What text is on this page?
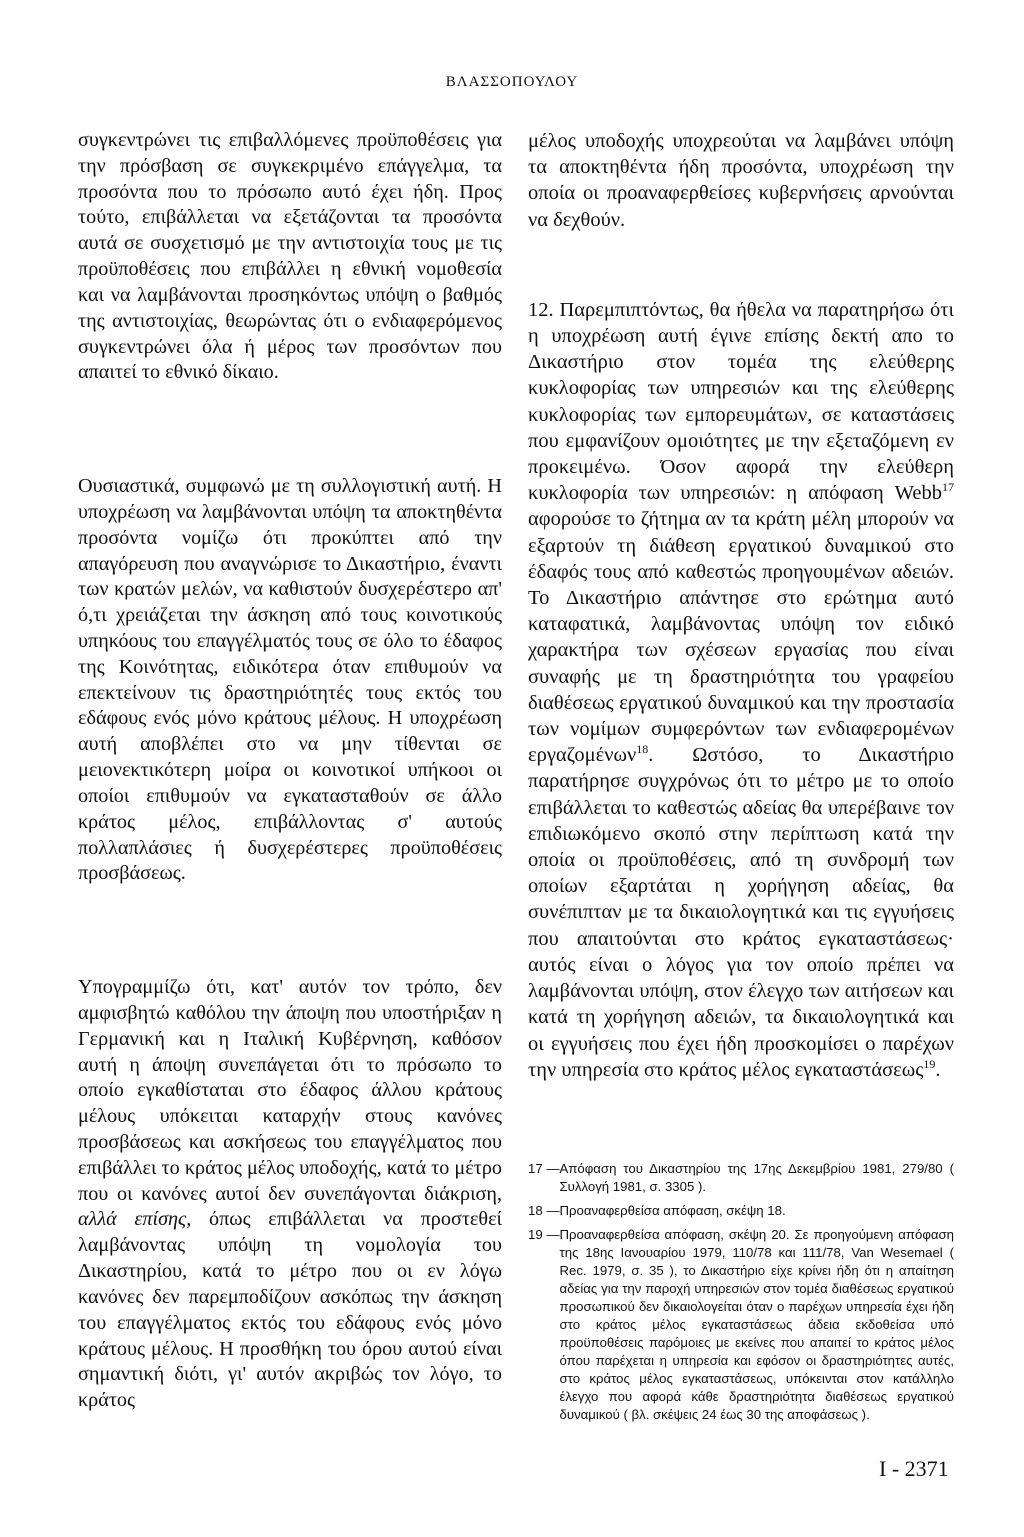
ΒΛΑΣΣΟΠΟΥΛΟΥ

συγκεντρώνει τις επιβαλλόμενες προϋποθέσεις για την πρόσβαση σε συγκεκριμένο επάγγελμα, τα προσόντα που το πρόσωπο αυτό έχει ήδη. Προς τούτο, επιβάλλεται να εξετάζονται τα προσόντα αυτά σε συσχετισμό με την αντιστοιχία τους με τις προϋποθέσεις που επιβάλλει η εθνική νομοθεσία και να λαμβάνονται προσηκόντως υπόψη ο βαθμός της αντιστοιχίας, θεωρώντας ότι ο ενδιαφερόμενος συγκεντρώνει όλα ή μέρος των προσόντων που απαιτεί το εθνικό δίκαιο.

Ουσιαστικά, συμφωνώ με τη συλλογιστική αυτή. Η υποχρέωση να λαμβάνονται υπόψη τα αποκτηθέντα προσόντα νομίζω ότι προκύπτει από την απαγόρευση που αναγνώρισε το Δικαστήριο, έναντι των κρατών μελών, να καθιστούν δυσχερέστερο απ' ό,τι χρειάζεται την άσκηση από τους κοινοτικούς υπηκόους του επαγγέλματός τους σε όλο το έδαφος της Κοινότητας, ειδικότερα όταν επιθυμούν να επεκτείνουν τις δραστηριότητές τους εκτός του εδάφους ενός μόνο κράτους μέλους. Η υποχρέωση αυτή αποβλέπει στο να μην τίθενται σε μειονεκτικότερη μοίρα οι κοινοτικοί υπήκοοι οι οποίοι επιθυμούν να εγκατασταθούν σε άλλο κράτος μέλος, επιβάλλοντας σ' αυτούς πολλαπλάσιες ή δυσχερέστερες προϋποθέσεις προσβάσεως.

Υπογραμμίζω ότι, κατ' αυτόν τον τρόπο, δεν αμφισβητώ καθόλου την άποψη που υποστήριξαν η Γερμανική και η Ιταλική Κυβέρνηση, καθόσον αυτή η άποψη συνεπάγεται ότι το πρόσωπο το οποίο εγκαθίσταται στο έδαφος άλλου κράτους μέλους υπόκειται καταρχήν στους κανόνες προσβάσεως και ασκήσεως του επαγγέλματος που επιβάλλει το κράτος μέλος υποδοχής, κατά το μέτρο που οι κανόνες αυτοί δεν συνεπάγονται διάκριση, αλλά επίσης, όπως επιβάλλεται να προστεθεί λαμβάνοντας υπόψη τη νομολογία του Δικαστηρίου, κατά το μέτρο που οι εν λόγω κανόνες δεν παρεμποδίζουν ασκόπως την άσκηση του επαγγέλματος εκτός του εδάφους ενός μόνο κράτους μέλους. Η προσθήκη του όρου αυτού είναι σημαντική διότι, γι' αυτόν ακριβώς τον λόγο, το κράτος

μέλος υποδοχής υποχρεούται να λαμβάνει υπόψη τα αποκτηθέντα ήδη προσόντα, υποχρέωση την οποία οι προαναφερθείσες κυβερνήσεις αρνούνται να δεχθούν.

12. Παρεμπιπτόντως, θα ήθελα να παρατηρήσω ότι η υποχρέωση αυτή έγινε επίσης δεκτή απο το Δικαστήριο στον τομέα της ελεύθερης κυκλοφορίας των υπηρεσιών και της ελεύθερης κυκλοφορίας των εμπορευμάτων, σε καταστάσεις που εμφανίζουν ομοιότητες με την εξεταζόμενη εν προκειμένω. Όσον αφορά την ελεύθερη κυκλοφορία των υπηρεσιών: η απόφαση Webb$^{17}$ αφορούσε το ζήτημα αν τα κράτη μέλη μπορούν να εξαρτούν τη διάθεση εργατικού δυναμικού στο έδαφός τους από καθεστώς προηγουμένων αδειών. Το Δικαστήριο απάντησε στο ερώτημα αυτό καταφατικά, λαμβάνοντας υπόψη τον ειδικό χαρακτήρα των σχέσεων εργασίας που είναι συναφής με τη δραστηριότητα του γραφείου διαθέσεως εργατικού δυναμικού και την προστασία των νομίμων συμφερόντων των ενδιαφερομένων εργαζομένων$^{18}$. Ωστόσο, το Δικαστήριο παρατήρησε συγχρόνως ότι το μέτρο με το οποίο επιβάλλεται το καθεστώς αδείας θα υπερέβαινε τον επιδιωκόμενο σκοπό στην περίπτωση κατά την οποία οι προϋποθέσεις, από τη συνδρομή των οποίων εξαρτάται η χορήγηση αδείας, θα συνέπιπταν με τα δικαιολογητικά και τις εγγυήσεις που απαιτούνται στο κράτος εγκαταστάσεως· αυτός είναι ο λόγος για τον οποίο πρέπει να λαμβάνονται υπόψη, στον έλεγχο των αιτήσεων και κατά τη χορήγηση αδειών, τα δικαιολογητικά και οι εγγυήσεις που έχει ήδη προσκομίσει ο παρέχων την υπηρεσία στο κράτος μέλος εγκαταστάσεως$^{19}$.

17 — Απόφαση του Δικαστηρίου της 17ης Δεκεμβρίου 1981, 279/80 ( Συλλογή 1981, σ. 3305 ).
18 — Προαναφερθείσα απόφαση, σκέψη 18.
19 — Προαναφερθείσα απόφαση, σκέψη 20. Σε προηγούμενη απόφαση της 18ης Ιανουαρίου 1979, 110/78 και 111/78, Van Wesemael ( Rec. 1979, σ. 35 ), το Δικαστήριο είχε κρίνει ήδη ότι η απαίτηση αδείας για την παροχή υπηρεσιών στον τομέα διαθέσεως εργατικού προσωπικού δεν δικαιολογείται όταν ο παρέχων υπηρεσία έχει ήδη στο κράτος μέλος εγκαταστάσεως άδεια εκδοθείσα υπό προϋποθέσεις παρόμοιες με εκείνες που απαιτεί το κράτος μέλος όπου παρέχεται η υπηρεσία και εφόσον οι δραστηριότητες αυτές, στο κράτος μέλος εγκαταστάσεως, υπόκεινται στον κατάλληλο έλεγχο που αφορά κάθε δραστηριότητα διαθέσεως εργατικού δυναμικού ( βλ. σκέψεις 24 έως 30 της αποφάσεως ).
I - 2371
